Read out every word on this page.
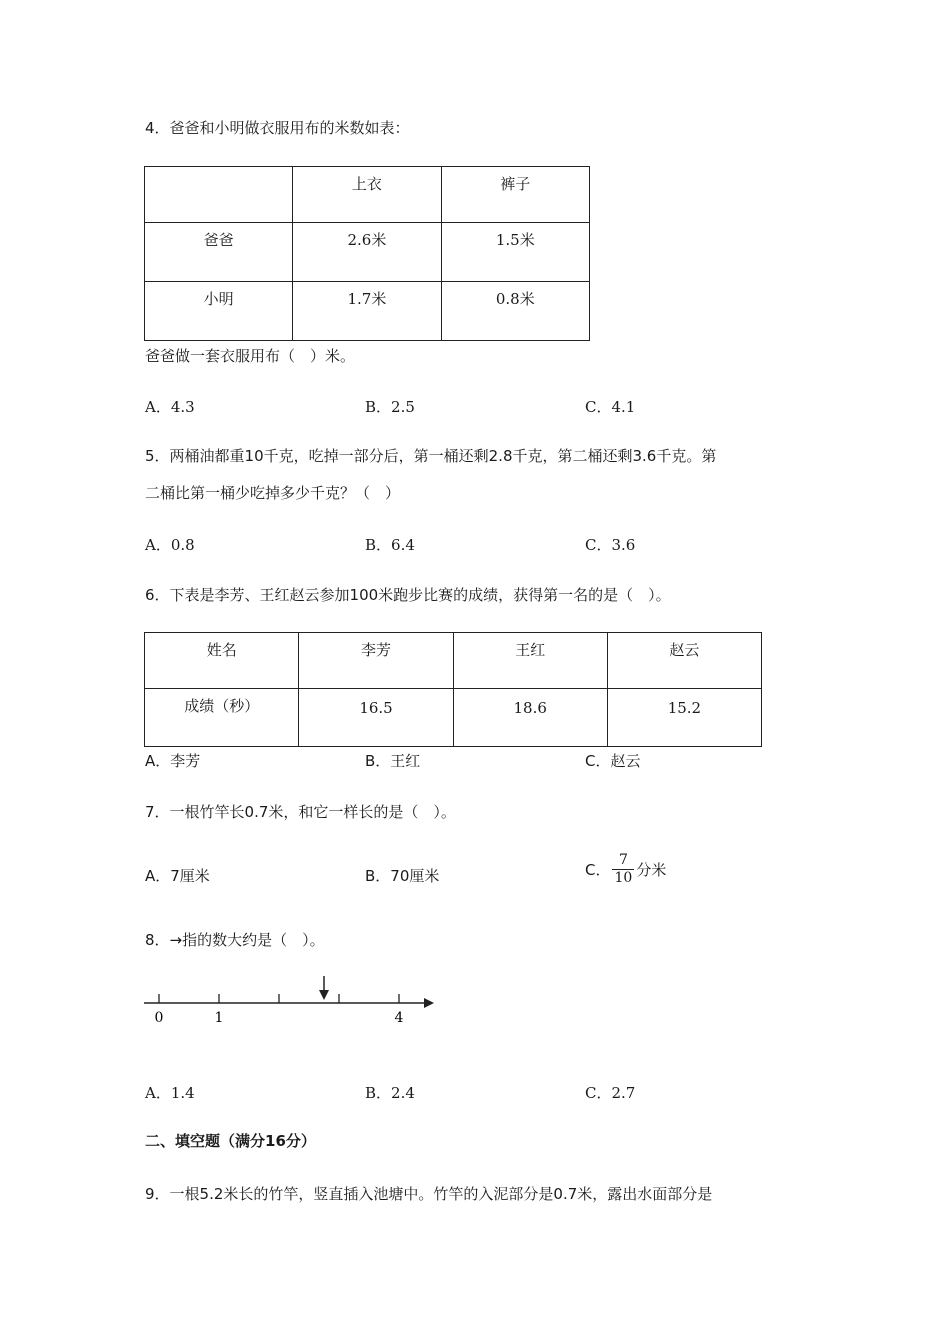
4．爸爸和小明做衣服用布的米数如表：
	上衣	裤子
爸爸	2.6米	1.5米
小明	1.7米	0.8米
爸爸做一套衣服用布（　）米。
A．4.3	B．2.5	C．4.1
5．两桶油都重10千克，吃掉一部分后，第一桶还剩2.8千克，第二桶还剩3.6千克。第
二桶比第一桶少吃掉多少千克？（　）
A．0.8	B．6.4	C．3.6
6．下表是李芳、王红赵云参加100米跑步比赛的成绩，获得第一名的是（　）。
姓名	李芳	王红	赵云
成绩（秒）	16.5	18.6	15.2
A．李芳	B．王红	C．赵云
7．一根竹竿长0.7米，和它一样长的是（　）。
A．7厘米	B．70厘米	C． $\frac{7}{10}$ 分米
8．→指的数大约是（　）。
0	1	4
A．1.4	B．2.4	C．2.7
二、填空题（满分16分）
9．一根5.2米长的竹竿，竖直插入池塘中。竹竿的入泥部分是0.7米，露出水面部分是
